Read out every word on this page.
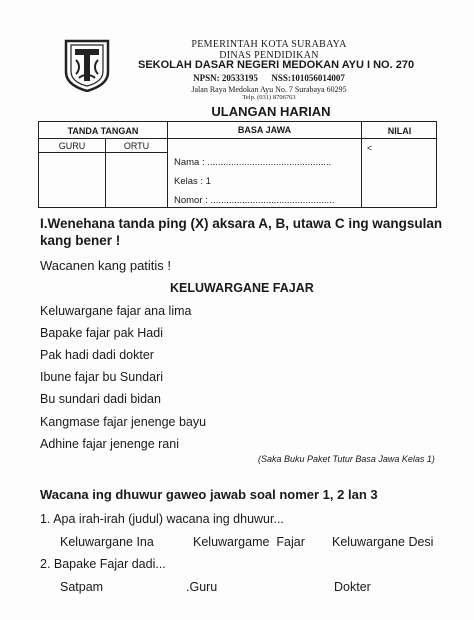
PEMERINTAH KOTA SURABAYA
DINAS PENDIDIKAN
SEKOLAH DASAR NEGERI MEDOKAN AYU I NO. 270
NPSN: 20533195      NSS:101056014007
Jalan Raya Medokan Ayu No. 7 Surabaya 60295
Telp. (031) 8706763
ULANGAN HARIAN
TANDA TANGAN	BASA JAWA	NILAI
GURU	ORTU
Nama : ...............................................
Kelas : 1
Nomor : ...............................................
<
I.Wenehana tanda ping (X) aksara A, B, utawa C ing wangsulan kang bener !
Wacanen kang patitis !
KELUWARGANE FAJAR
Keluwargane fajar ana lima
Bapake fajar pak Hadi
Pak hadi dadi dokter
Ibune fajar bu Sundari
Bu sundari dadi bidan
Kangmase fajar jenenge bayu
Adhine fajar jenenge rani
(Saka Buku Paket Tutur Basa Jawa Kelas 1)
Wacana ing dhuwur gaweo jawab soal nomer 1, 2 lan 3
1. Apa irah-irah (judul) wacana ing dhuwur...
Keluwargane Ina	Keluwargame  Fajar Keluwargane Desi
2. Bapake Fajar dadi...
Satpam	.Guru	Dokter
